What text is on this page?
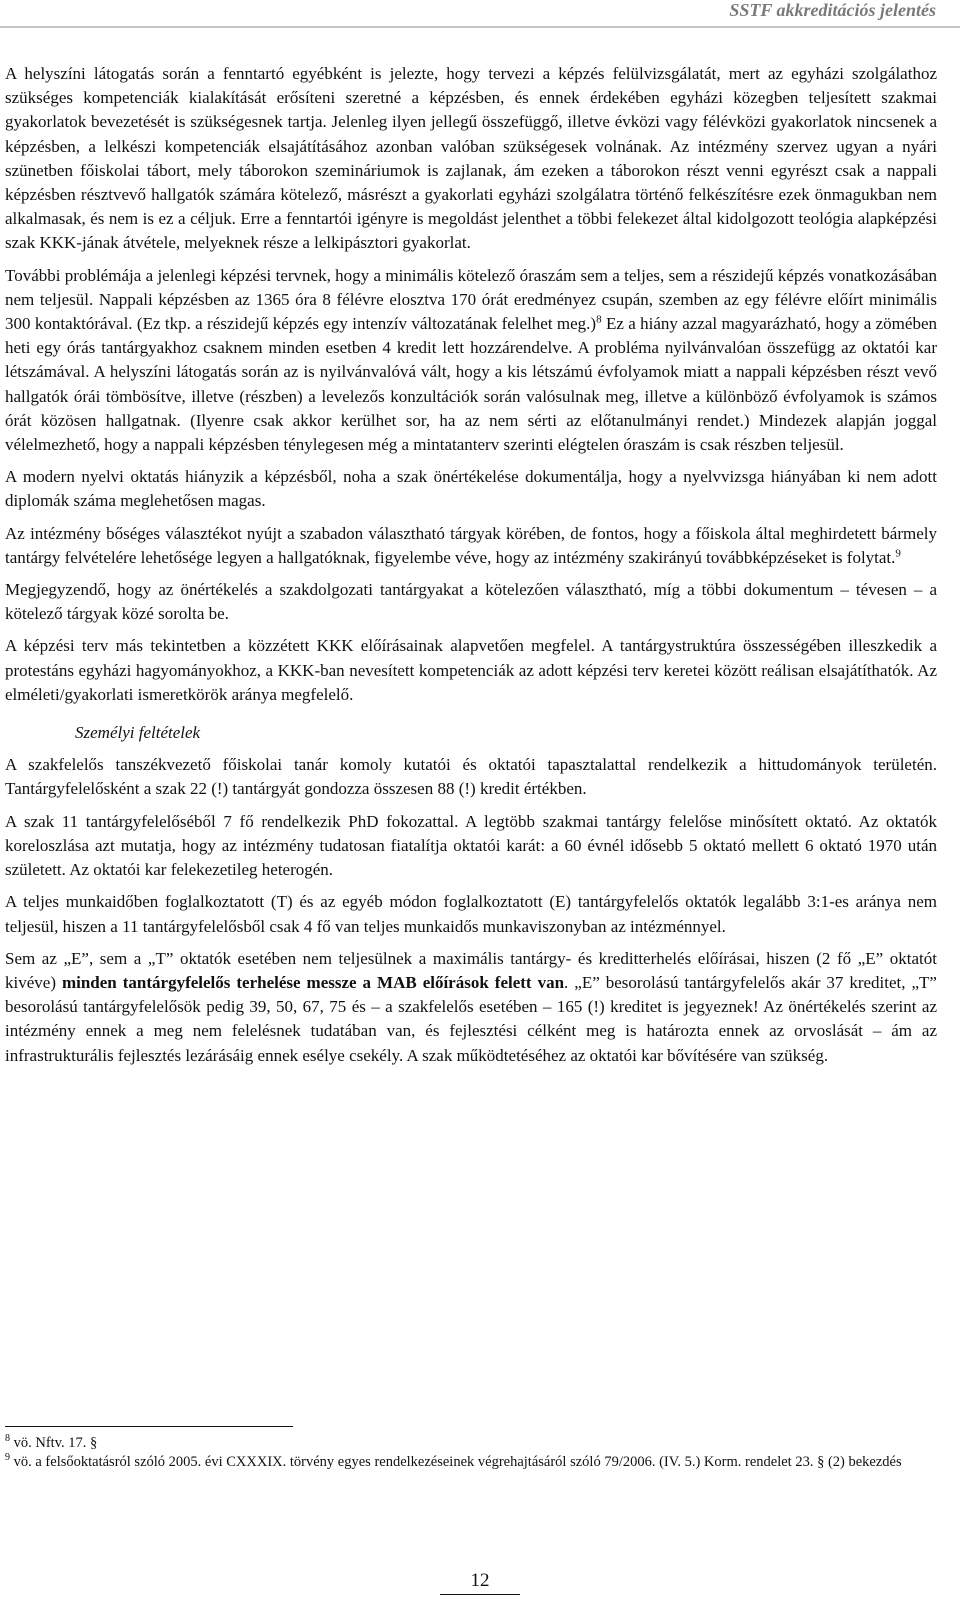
SSTF akkreditációs jelentés

A helyszíni látogatás során a fenntartó egyébként is jelezte, hogy tervezi a képzés felülvizsgálatát, mert az egyházi szolgálathoz szükséges kompetenciák kialakítását erősíteni szeretné a képzésben, és ennek érdekében egyházi közegben teljesített szakmai gyakorlatok bevezetését is szükségesnek tartja. Jelenleg ilyen jellegű összefüggő, illetve évközi vagy félévközi gyakorlatok nincsenek a képzésben, a lelkészi kompetenciák elsajátításához azonban valóban szükségesek volnának. Az intézmény szervez ugyan a nyári szünetben főiskolai tábort, mely táborokon szemináriumok is zajlanak, ám ezeken a táborokon részt venni egyrészt csak a nappali képzésben résztvevő hallgatók számára kötelező, másrészt a gyakorlati egyházi szolgálatra történő felkészítésre ezek önmagukban nem alkalmasak, és nem is ez a céljuk. Erre a fenntartói igényre is megoldást jelenthet a többi felekezet által kidolgozott teológia alapképzési szak KKK-jának átvétele, melyeknek része a lelkipásztori gyakorlat.

További problémája a jelenlegi képzési tervnek, hogy a minimális kötelező óraszám sem a teljes, sem a részidejű képzés vonatkozásában nem teljesül. Nappali képzésben az 1365 óra 8 félévre elosztva 170 órát eredményez csupán, szemben az egy félévre előírt minimális 300 kontaktórával. (Ez tkp. a részidejű képzés egy intenzív változatának felelhet meg.)$^8$ Ez a hiány azzal magyarázható, hogy a zömében heti egy órás tantárgyakhoz csaknem minden esetben 4 kredit lett hozzárendelve. A probléma nyilvánvalóan összefügg az oktatói kar létszámával. A helyszíni látogatás során az is nyilvánvalóvá vált, hogy a kis létszámú évfolyamok miatt a nappali képzésben részt vevő hallgatók órái tömbösítve, illetve (részben) a levelezős konzultációk során valósulnak meg, illetve a különböző évfolyamok is számos órát közösen hallgatnak. (Ilyenre csak akkor kerülhet sor, ha az nem sérti az előtanulmányi rendet.) Mindezek alapján joggal vélelmezhető, hogy a nappali képzésben ténylegesen még a mintatanterv szerinti elégtelen óraszám is csak részben teljesül.

A modern nyelvi oktatás hiányzik a képzésből, noha a szak önértékelése dokumentálja, hogy a nyelvvizsga hiányában ki nem adott diplomák száma meglehetősen magas.

Az intézmény bőséges választékot nyújt a szabadon választható tárgyak körében, de fontos, hogy a főiskola által meghirdetett bármely tantárgy felvételére lehetősége legyen a hallgatóknak, figyelembe véve, hogy az intézmény szakirányú továbbképzéseket is folytat.$^9$

Megjegyzendő, hogy az önértékelés a szakdolgozati tantárgyakat a kötelezően választható, míg a többi dokumentum – tévesen – a kötelező tárgyak közé sorolta be.

A képzési terv más tekintetben a közzétett KKK előírásainak alapvetően megfelel. A tantárgystruktúra összességében illeszkedik a protestáns egyházi hagyományokhoz, a KKK-ban nevesített kompetenciák az adott képzési terv keretei között reálisan elsajátíthatók. Az elméleti/gyakorlati ismeretkörök aránya megfelelő.

Személyi feltételek

A szakfelelős tanszékvezető főiskolai tanár komoly kutatói és oktatói tapasztalattal rendelkezik a hittudományok területén. Tantárgyfelelősként a szak 22 (!) tantárgyát gondozza összesen 88 (!) kredit értékben.

A szak 11 tantárgyfelelőséből 7 fő rendelkezik PhD fokozattal. A legtöbb szakmai tantárgy felelőse minősített oktató. Az oktatók koreloszlása azt mutatja, hogy az intézmény tudatosan fiatalítja oktatói karát: a 60 évnél idősebb 5 oktató mellett 6 oktató 1970 után született. Az oktatói kar felekezetileg heterogén.

A teljes munkaidőben foglalkoztatott (T) és az egyéb módon foglalkoztatott (E) tantárgyfelelős oktatók legalább 3:1-es aránya nem teljesül, hiszen a 11 tantárgyfelelősből csak 4 fő van teljes munkaidős munkaviszonyban az intézménnyel.

Sem az „E”, sem a „T” oktatók esetében nem teljesülnek a maximális tantárgy- és kreditterhelés előírásai, hiszen (2 fő „E” oktatót kivéve) minden tantárgyfelelős terhelése messze a MAB előírások felett van. „E” besorolású tantárgyfelelős akár 37 kreditet, „T” besorolású tantárgyfelelősök pedig 39, 50, 67, 75 és – a szakfelelős esetében – 165 (!) kreditet is jegyeznek! Az önértékelés szerint az intézmény ennek a meg nem felelésnek tudatában van, és fejlesztési célként meg is határozta ennek az orvoslását – ám az infrastrukturális fejlesztés lezárásáig ennek esélye csekély. A szak működtetéséhez az oktatói kar bővítésére van szükség.

$^8$ vö. Nftv. 17. §
$^9$ vö. a felsőoktatásról szóló 2005. évi CXXXIX. törvény egyes rendelkezéseinek végrehajtásáról szóló 79/2006. (IV. 5.) Korm. rendelet 23. § (2) bekezdés
12
